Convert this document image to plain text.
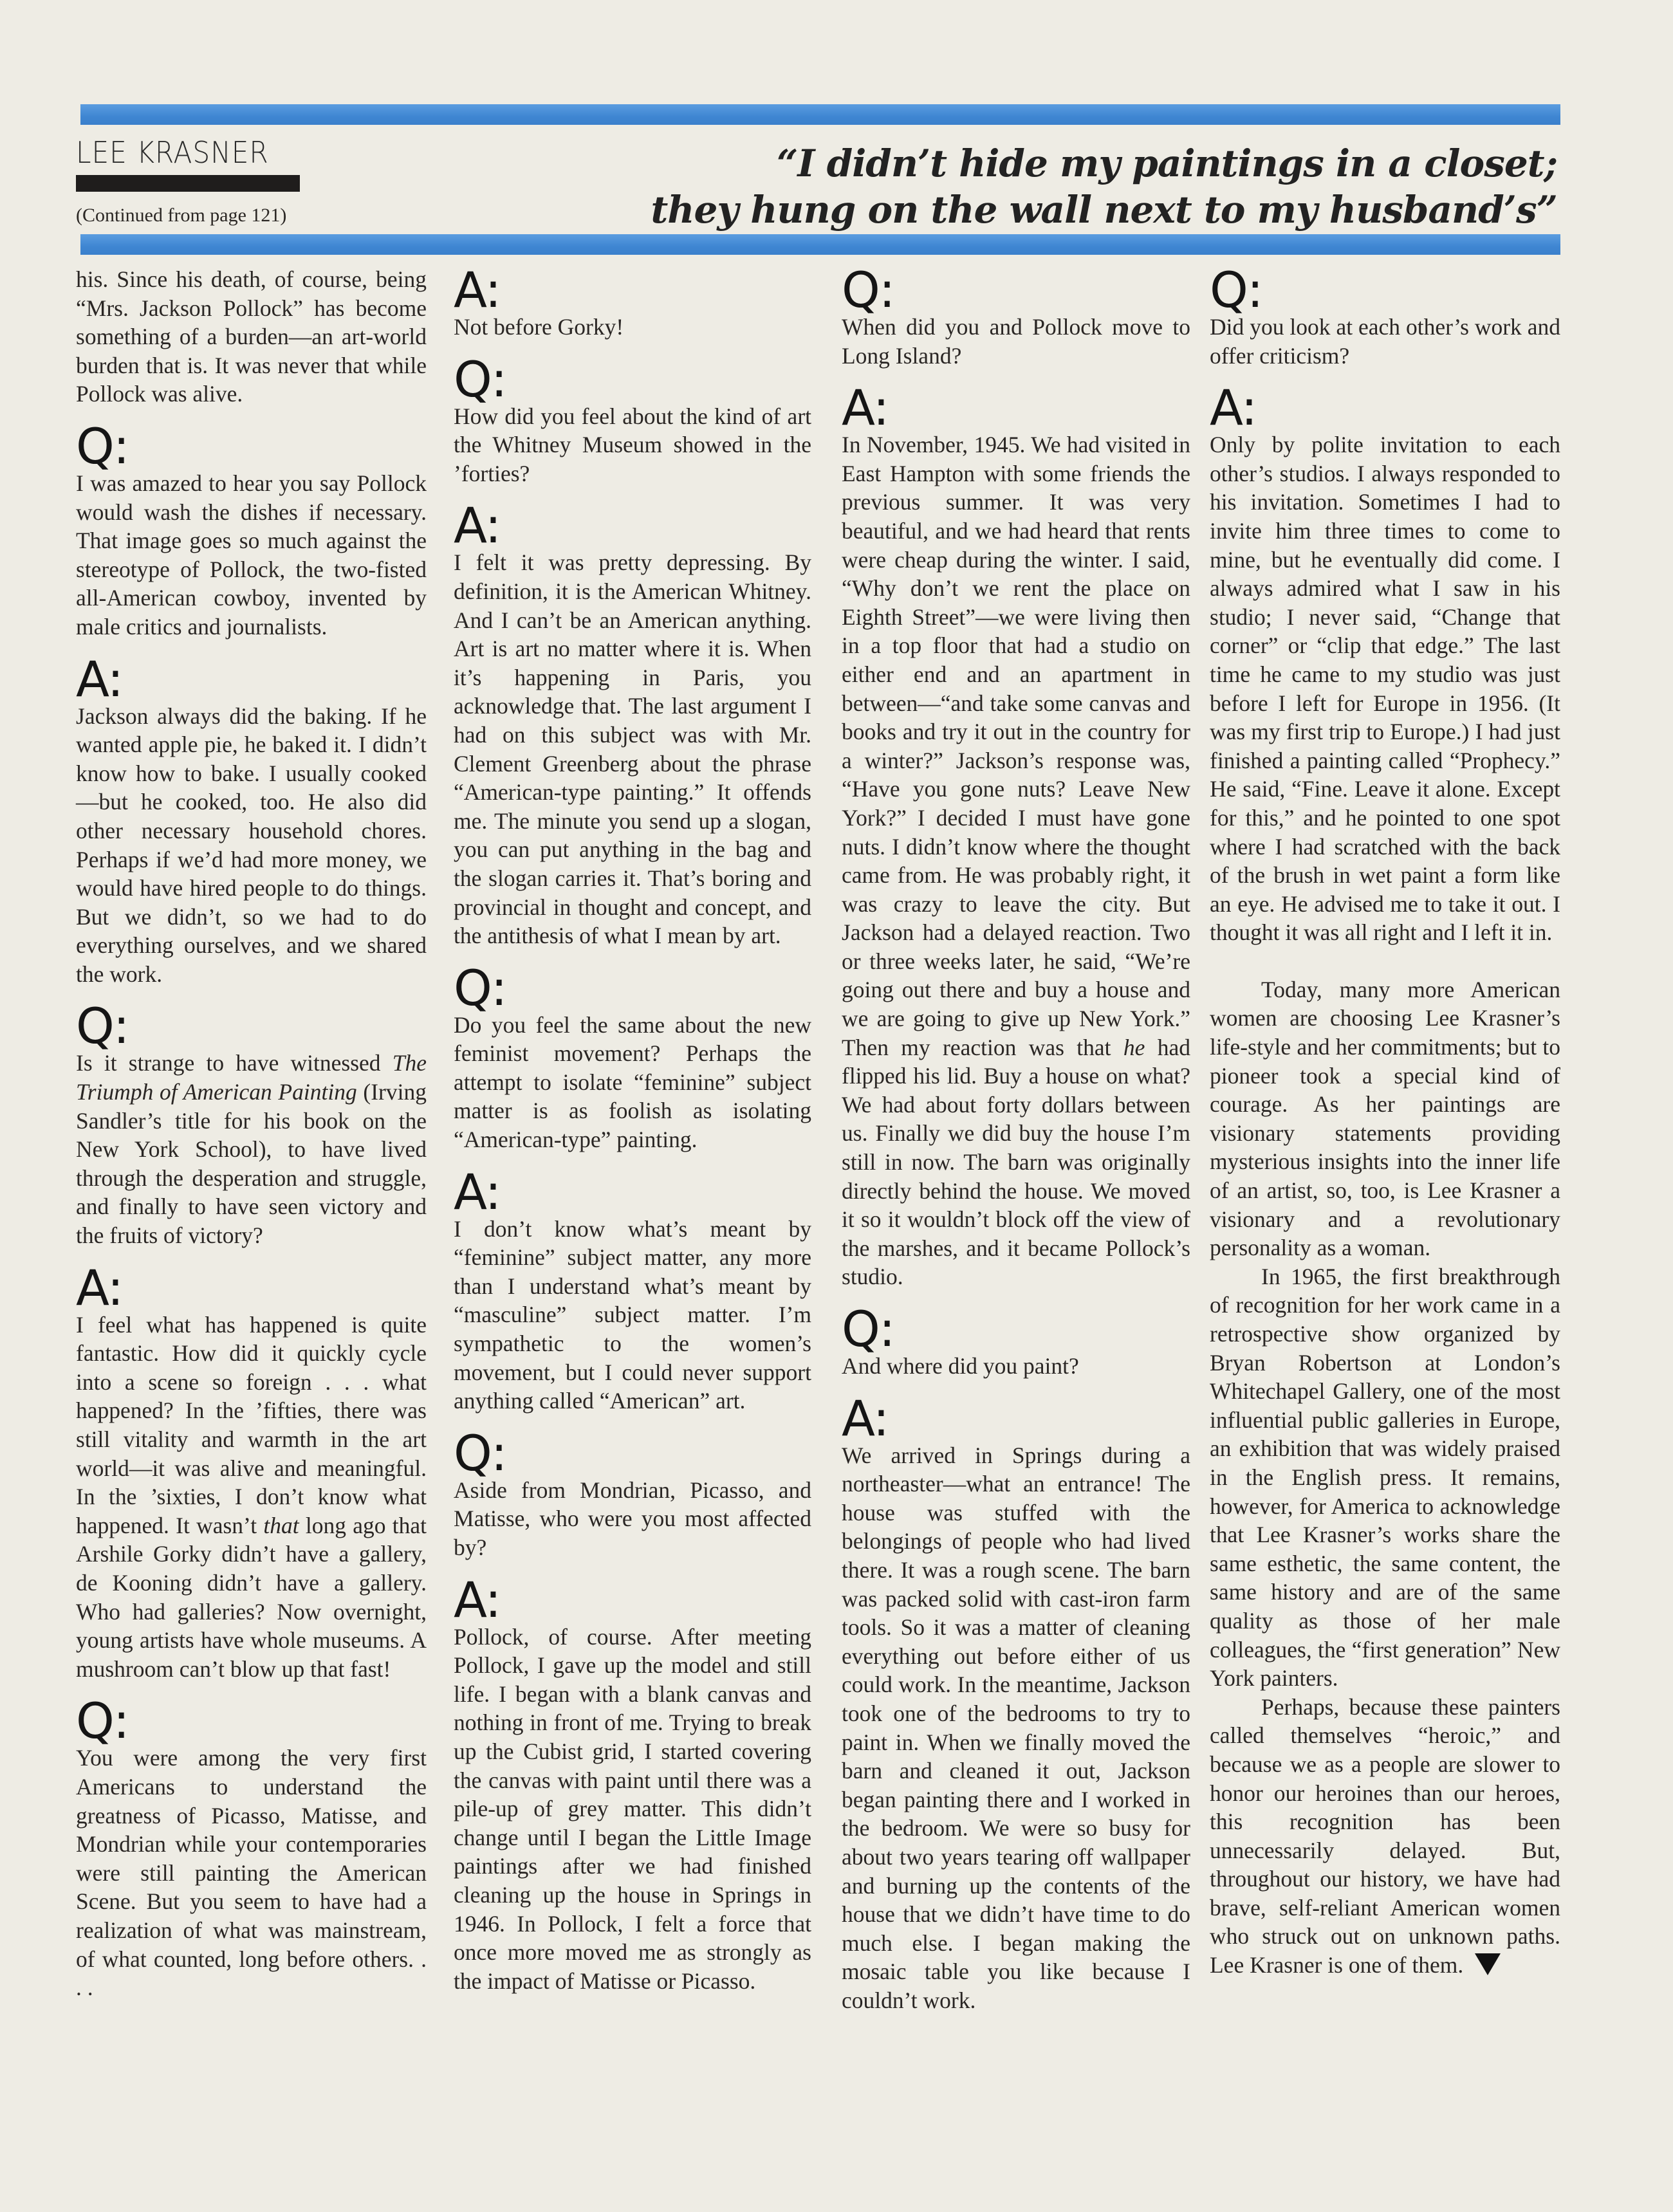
LEE KRASNER
(Continued from page 121)
“I didn’t hide my paintings in a closet;
they hung on the wall next to my husband’s”

his. Since his death, of course, being “Mrs. Jackson Pollock” has become something of a burden—an art-world burden that is. It was never that while Pollock was alive.

Q:

I was amazed to hear you say Pollock would wash the dishes if necessary. That image goes so much against the stereotype of Pollock, the two-fisted all-American cowboy, invented by male critics and journalists.

A:

Jackson always did the baking. If he wanted apple pie, he baked it. I didn’t know how to bake. I usually cooked—but he cooked, too. He also did other necessary household chores. Perhaps if we’d had more money, we would have hired people to do things. But we didn’t, so we had to do everything ourselves, and we shared the work.

Q:

Is it strange to have witnessed The Triumph of American Painting (Irving Sandler’s title for his book on the New York School), to have lived through the desperation and struggle, and finally to have seen victory and the fruits of victory?

A:

I feel what has happened is quite fantastic. How did it quickly cycle into a scene so foreign . . . what happened? In the ’fifties, there was still vitality and warmth in the art world—it was alive and meaningful. In the ’sixties, I don’t know what happened. It wasn’t that long ago that Arshile Gorky didn’t have a gallery, de Kooning didn’t have a gallery. Who had galleries? Now overnight, young artists have whole museums. A mushroom can’t blow up that fast!

Q:

You were among the very first Americans to understand the greatness of Picasso, Matisse, and Mondrian while your contemporaries were still painting the American Scene. But you seem to have had a realization of what was mainstream, of what counted, long before others. . . .

A:

Not before Gorky!

Q:

How did you feel about the kind of art the Whitney Museum showed in the ’forties?

A:

I felt it was pretty depressing. By definition, it is the American Whitney. And I can’t be an American anything. Art is art no matter where it is. When it’s happening in Paris, you acknowledge that. The last argument I had on this subject was with Mr. Clement Greenberg about the phrase “American-type painting.” It offends me. The minute you send up a slogan, you can put anything in the bag and the slogan carries it. That’s boring and provincial in thought and concept, and the antithesis of what I mean by art.

Q:

Do you feel the same about the new feminist movement? Perhaps the attempt to isolate “feminine” subject matter is as foolish as isolating “American-type” painting.

A:

I don’t know what’s meant by “feminine” subject matter, any more than I understand what’s meant by “masculine” subject matter. I’m sympathetic to the women’s movement, but I could never support anything called “American” art.

Q:

Aside from Mondrian, Picasso, and Matisse, who were you most affected by?

A:

Pollock, of course. After meeting Pollock, I gave up the model and still life. I began with a blank canvas and nothing in front of me. Trying to break up the Cubist grid, I started covering the canvas with paint until there was a pile-up of grey matter. This didn’t change until I began the Little Image paintings after we had finished cleaning up the house in Springs in 1946. In Pollock, I felt a force that once more moved me as strongly as the impact of Matisse or Picasso.

Q:

When did you and Pollock move to Long Island?

A:

In November, 1945. We had visited in East Hampton with some friends the previous summer. It was very beautiful, and we had heard that rents were cheap during the winter. I said, “Why don’t we rent the place on Eighth Street”—we were living then in a top floor that had a studio on either end and an apartment in between—“and take some canvas and books and try it out in the country for a winter?” Jackson’s response was, “Have you gone nuts? Leave New York?” I decided I must have gone nuts. I didn’t know where the thought came from. He was probably right, it was crazy to leave the city. But Jackson had a delayed reaction. Two or three weeks later, he said, “We’re going out there and buy a house and we are going to give up New York.” Then my reaction was that he had flipped his lid. Buy a house on what? We had about forty dollars between us. Finally we did buy the house I’m still in now. The barn was originally directly behind the house. We moved it so it wouldn’t block off the view of the marshes, and it became Pollock’s studio.

Q:

And where did you paint?

A:

We arrived in Springs during a northeaster—what an entrance! The house was stuffed with the belongings of people who had lived there. It was a rough scene. The barn was packed solid with cast-iron farm tools. So it was a matter of cleaning everything out before either of us could work. In the meantime, Jackson took one of the bedrooms to try to paint in. When we finally moved the barn and cleaned it out, Jackson began painting there and I worked in the bedroom. We were so busy for about two years tearing off wallpaper and burning up the contents of the house that we didn’t have time to do much else. I began making the mosaic table you like because I couldn’t work.

Q:

Did you look at each other’s work and offer criticism?

A:

Only by polite invitation to each other’s studios. I always responded to his invitation. Sometimes I had to invite him three times to come to mine, but he eventually did come. I always admired what I saw in his studio; I never said, “Change that corner” or “clip that edge.” The last time he came to my studio was just before I left for Europe in 1956. (It was my first trip to Europe.) I had just finished a painting called “Prophecy.” He said, “Fine. Leave it alone. Except for this,” and he pointed to one spot where I had scratched with the back of the brush in wet paint a form like an eye. He advised me to take it out. I thought it was all right and I left it in.

Today, many more American women are choosing Lee Krasner’s life-style and her commitments; but to pioneer took a special kind of courage. As her paintings are visionary statements providing mysterious insights into the inner life of an artist, so, too, is Lee Krasner a visionary and a revolutionary personality as a woman.

In 1965, the first breakthrough of recognition for her work came in a retrospective show organized by Bryan Robertson at London’s Whitechapel Gallery, one of the most influential public galleries in Europe, an exhibition that was widely praised in the English press. It remains, however, for America to acknowledge that Lee Krasner’s works share the same esthetic, the same content, the same history and are of the same quality as those of her male colleagues, the “first generation” New York painters.

Perhaps, because these painters called themselves “heroic,” and because we as a people are slower to honor our heroines than our heroes, this recognition has been unnecessarily delayed. But, throughout our history, we have had brave, self-reliant American women who struck out on unknown paths. Lee Krasner is one of them.
